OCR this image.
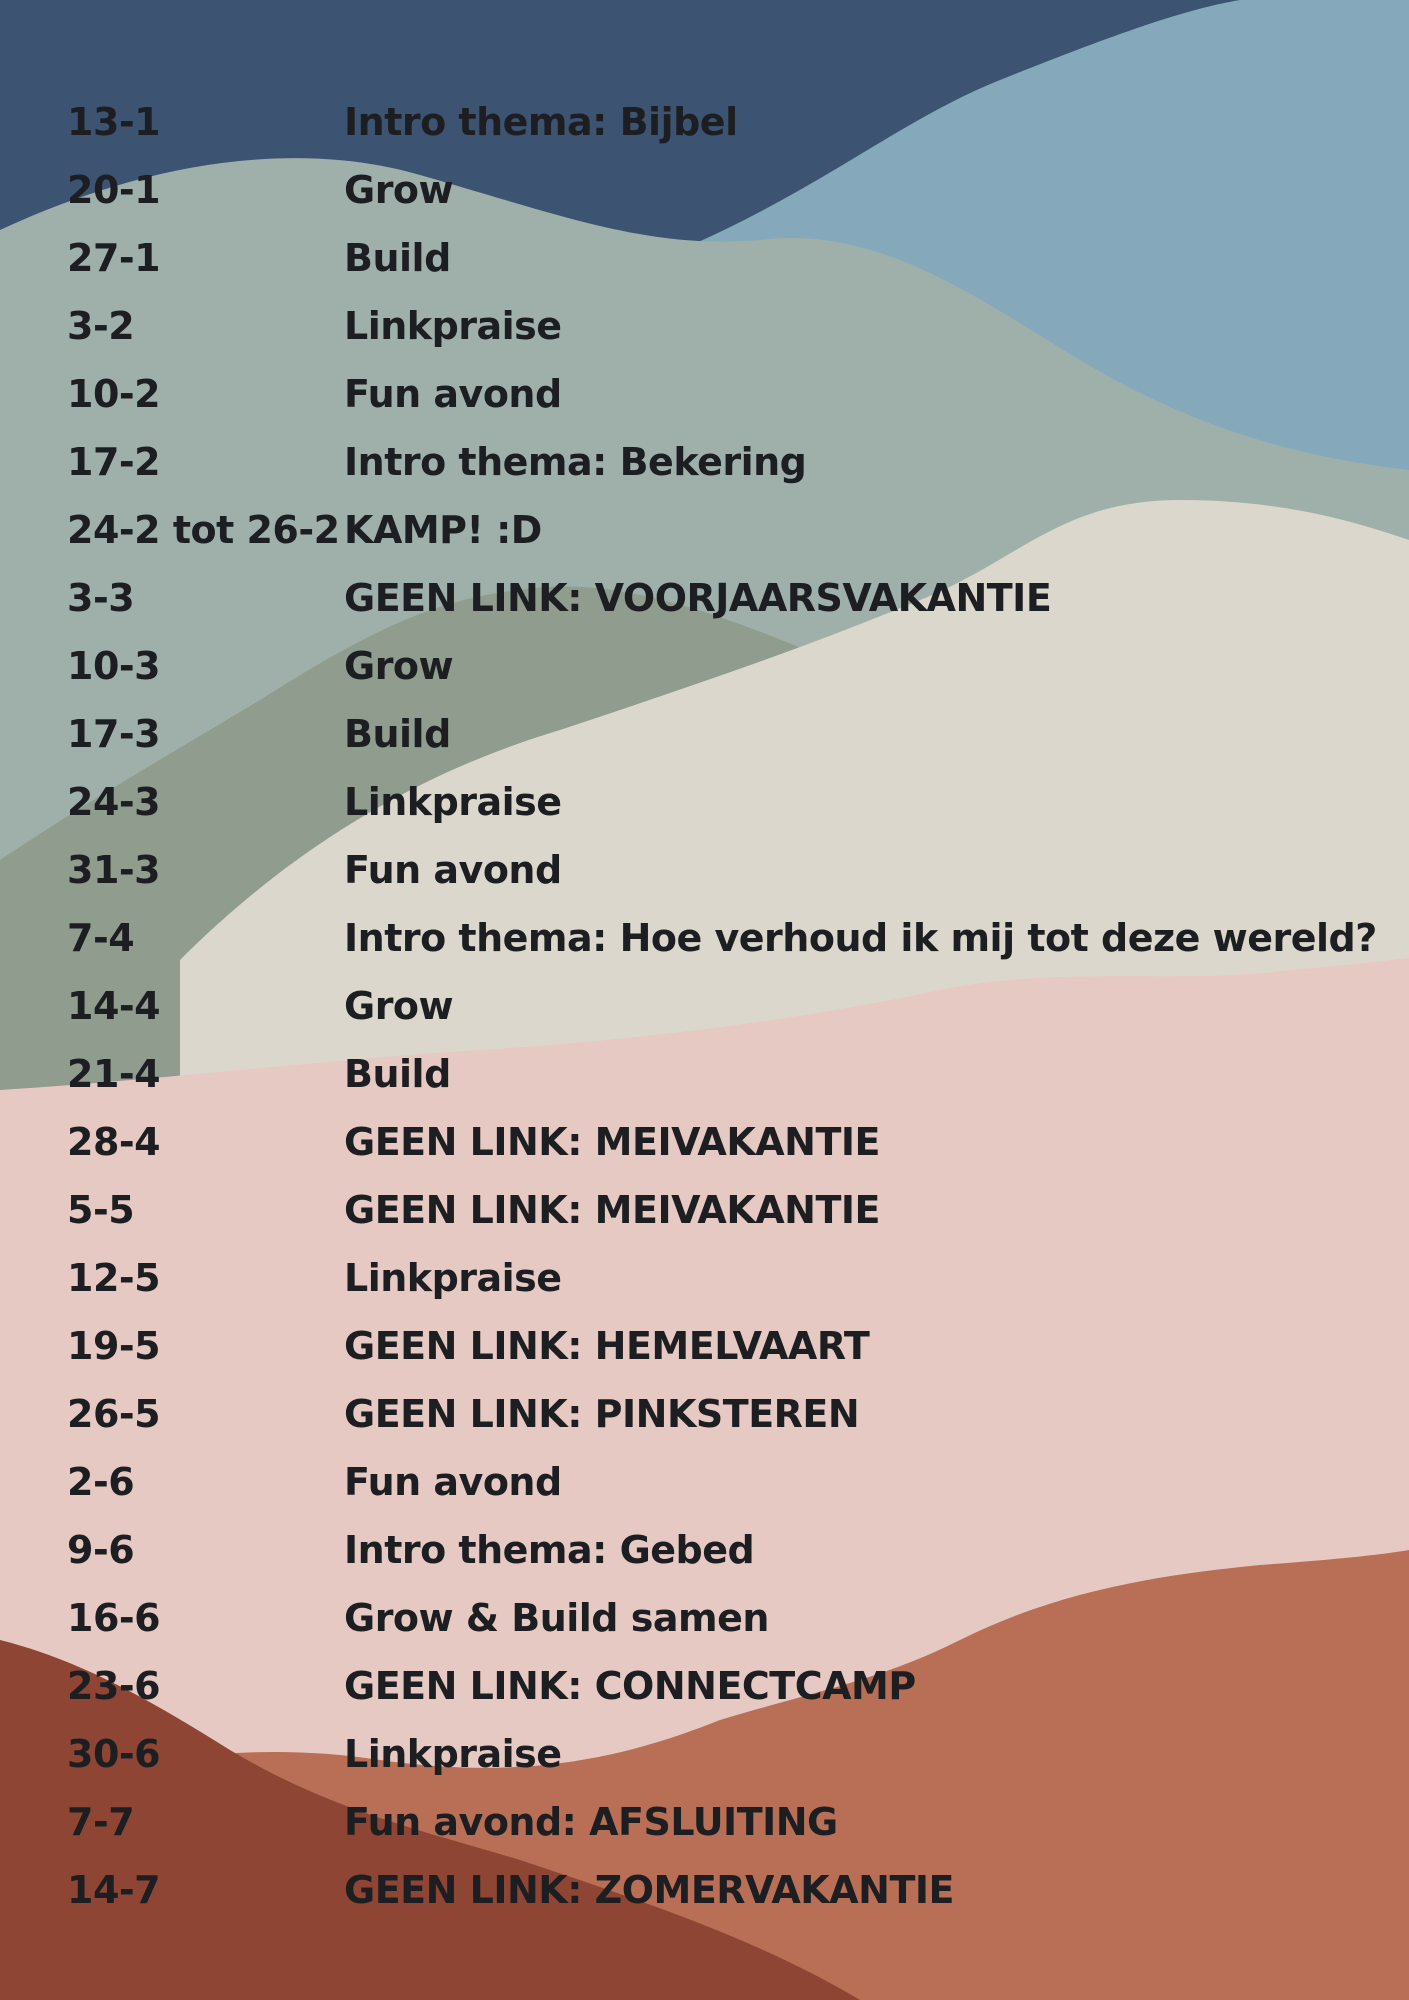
13-1	Intro thema: Bijbel
20-1	Grow
27-1	Build
3-2	Linkpraise
10-2	Fun avond
17-2	Intro thema: Bekering
24-2 tot 26-2 KAMP! :D
3-3	GEEN LINK: VOORJAARSVAKANTIE
10-3	Grow
17-3	Build
24-3	Linkpraise
31-3	Fun avond
7-4	Intro thema: Hoe verhoud ik mij tot deze wereld?
14-4	Grow
21-4	Build
28-4	GEEN LINK: MEIVAKANTIE
5-5	GEEN LINK: MEIVAKANTIE
12-5	Linkpraise
19-5	GEEN LINK: HEMELVAART
26-5	GEEN LINK: PINKSTEREN
2-6	Fun avond
9-6	Intro thema: Gebed
16-6	Grow & Build samen
23-6	GEEN LINK: CONNECTCAMP
30-6	Linkpraise
7-7	Fun avond: AFSLUITING
14-7	GEEN LINK: ZOMERVAKANTIE
